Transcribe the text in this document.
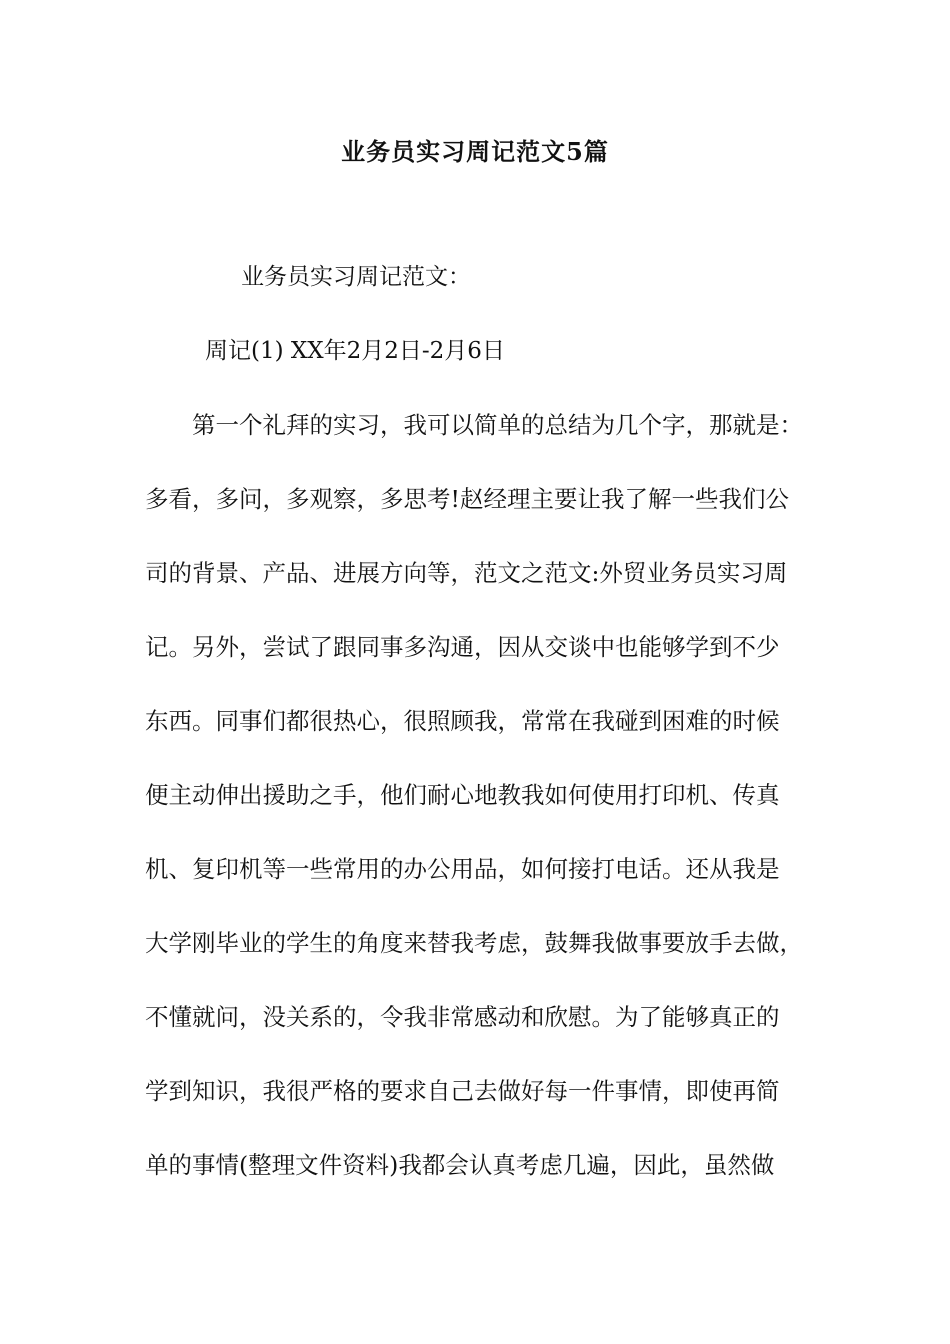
业务员实习周记范文5篇
业务员实习周记范文：
周记(1) XX年2月2日-2月6日
第一个礼拜的实习，我可以简单的总结为几个字，那就是：
多看，多问，多观察，多思考!赵经理主要让我了解一些我们公
司的背景、产品、进展方向等，范文之范文:外贸业务员实习周
记。另外，尝试了跟同事多沟通，因从交谈中也能够学到不少
东西。同事们都很热心，很照顾我，常常在我碰到困难的时候
便主动伸出援助之手，他们耐心地教我如何使用打印机、传真
机、复印机等一些常用的办公用品，如何接打电话。还从我是
大学刚毕业的学生的角度来替我考虑，鼓舞我做事要放手去做，
不懂就问，没关系的，令我非常感动和欣慰。为了能够真正的
学到知识，我很严格的要求自己去做好每一件事情，即使再简
单的事情(整理文件资料)我都会认真考虑几遍，因此，虽然做
